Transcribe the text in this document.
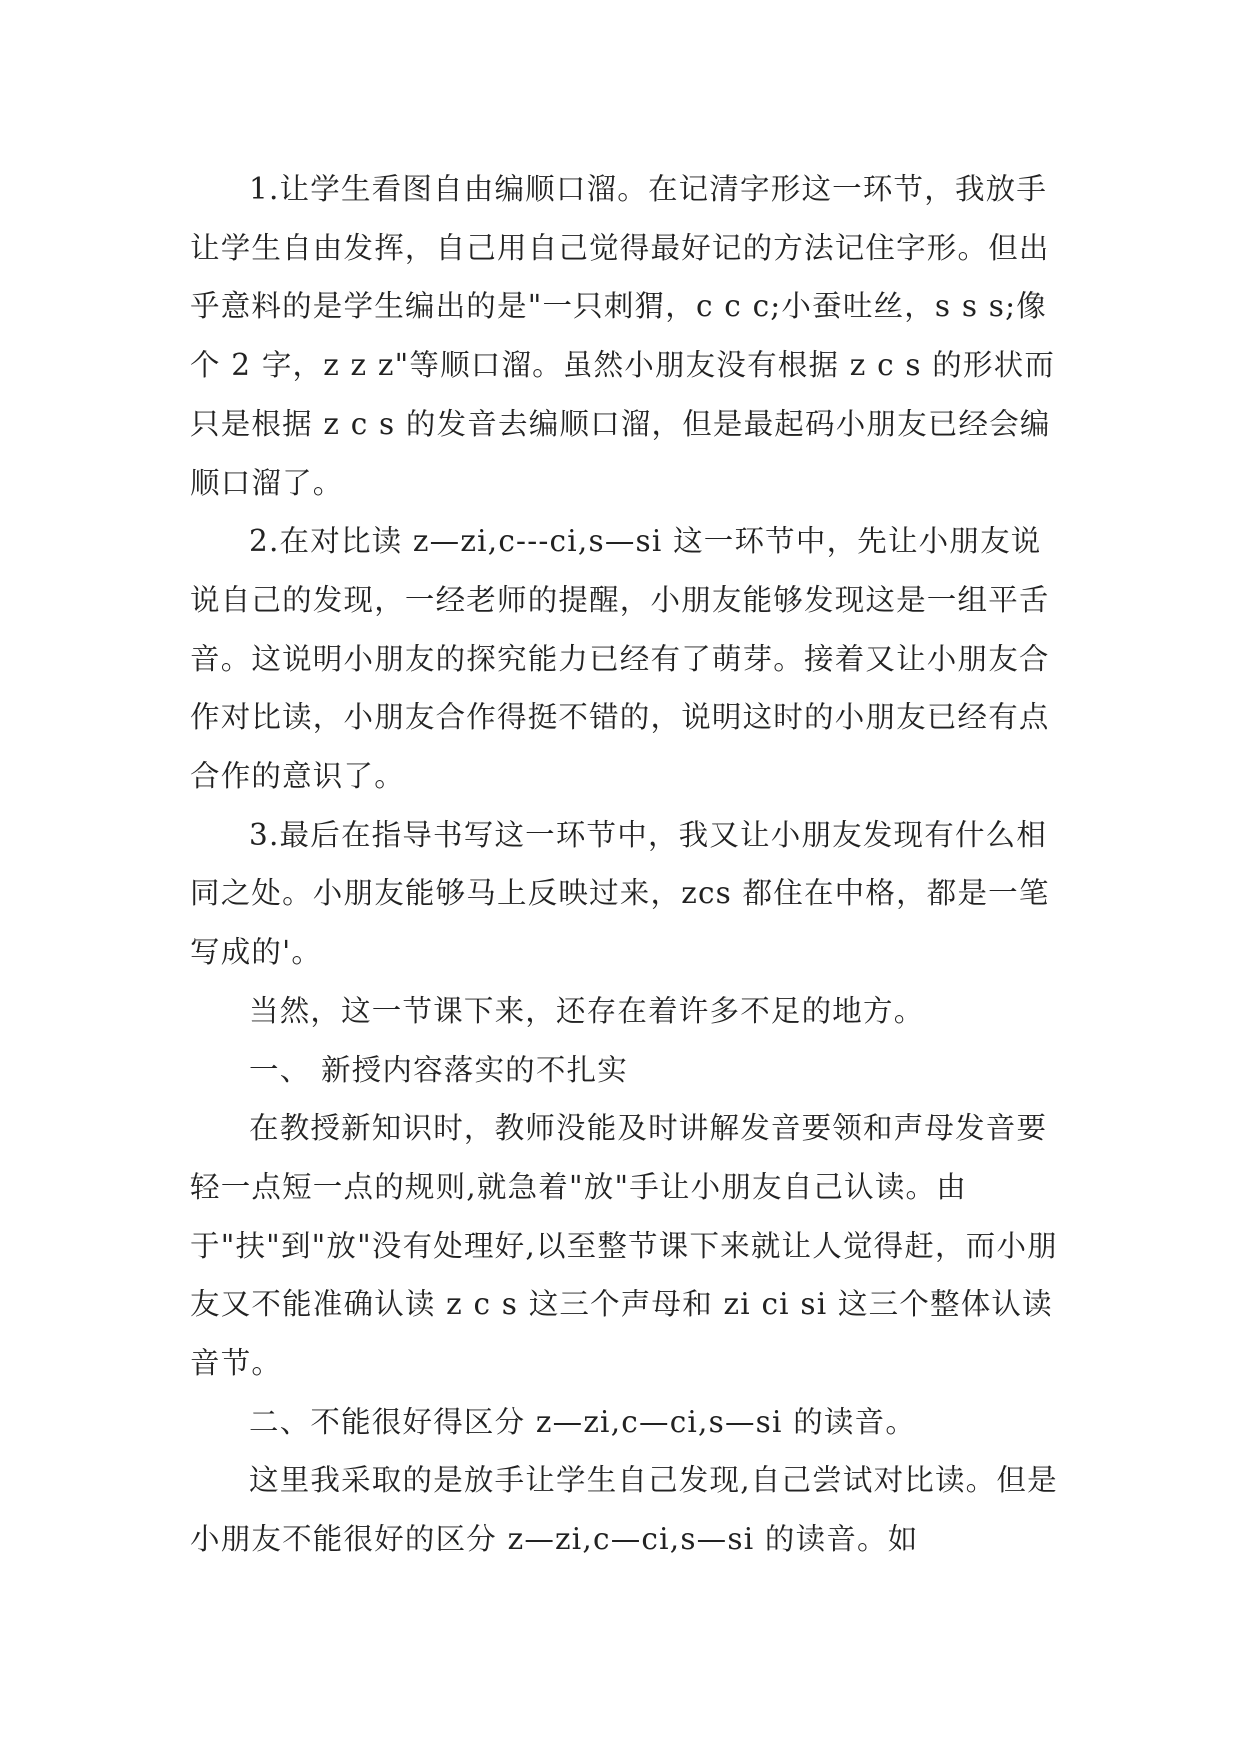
1.让学生看图自由编顺口溜。在记清字形这一环节，我放手让学生自由发挥，自己用自己觉得最好记的方法记住字形。但出乎意料的是学生编出的是"一只刺猬，c c c;小蚕吐丝，s s s;像个 2 字，z z z"等顺口溜。虽然小朋友没有根据 z c s 的形状而只是根据 z c s 的发音去编顺口溜，但是最起码小朋友已经会编顺口溜了。

2.在对比读 z—zi,c---ci,s—si 这一环节中，先让小朋友说说自己的发现，一经老师的提醒，小朋友能够发现这是一组平舌音。这说明小朋友的探究能力已经有了萌芽。接着又让小朋友合作对比读，小朋友合作得挺不错的，说明这时的小朋友已经有点合作的意识了。

3.最后在指导书写这一环节中，我又让小朋友发现有什么相同之处。小朋友能够马上反映过来，zcs 都住在中格，都是一笔写成的'。

当然，这一节课下来，还存在着许多不足的地方。

一、 新授内容落实的不扎实

在教授新知识时，教师没能及时讲解发音要领和声母发音要轻一点短一点的规则,就急着"放"手让小朋友自己认读。由于"扶"到"放"没有处理好,以至整节课下来就让人觉得赶，而小朋友又不能准确认读 z c s 这三个声母和 zi ci si 这三个整体认读音节。

二、不能很好得区分 z—zi,c—ci,s—si 的读音。

这里我采取的是放手让学生自己发现,自己尝试对比读。但是小朋友不能很好的区分 z—zi,c—ci,s—si 的读音。如
